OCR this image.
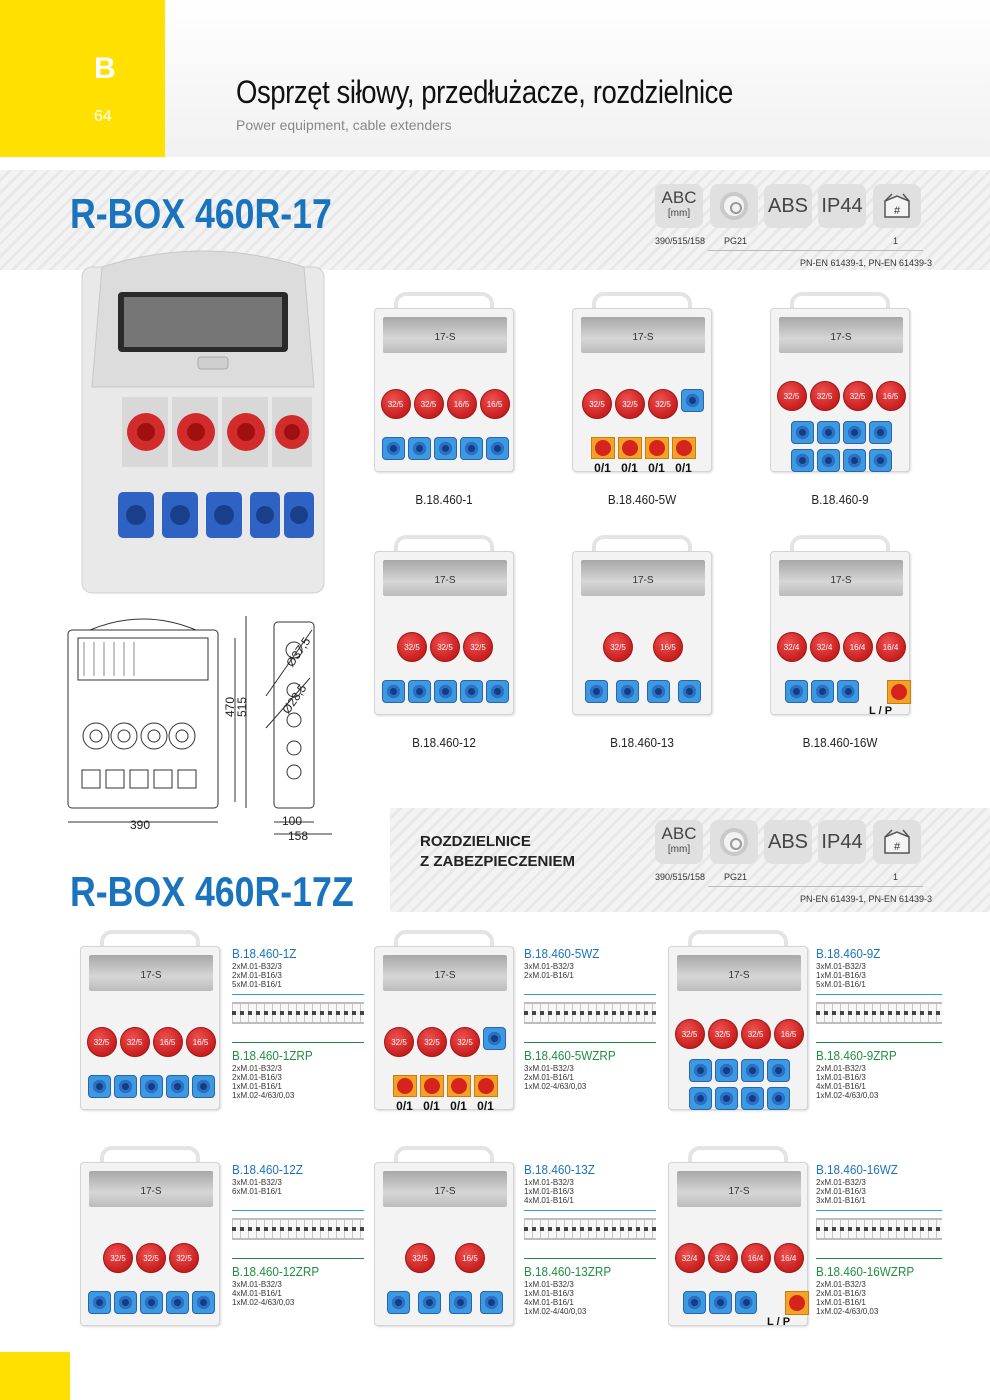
B
64
Osprzęt siłowy, przedłużacze, rozdzielnice
Power equipment, cable extenders
R-BOX 460R-17	ABC
[mm]	ABS IP44	#
390/515/158 PG21	1
PN-EN 61439-1, PN-EN 61439-3
17-S
32/5	32/5	16/5	16/5
B.18.460-1
17-S
32/5	32/5	32/5
0/1 0/1 0/1 0/1
B.18.460-5W
17-S
32/5	32/5	32/5	16/5
B.18.460-9
17-S
32/5	32/5	32/5
B.18.460-12
17-S
32/5	16/5
B.18.460-13
17-S
32/4	32/4	16/4	16/4
L / P
B.18.460-16W
390
470
515
100
158
Ø37,5
Ø28,5
ROZDZIELNICE
Z ZABEZPIECZENIEM
R-BOX 460R-17Z
ABC
[mm]	ABS IP44	#
390/515/158 PG21	1
PN-EN 61439-1, PN-EN 61439-3
17-S
32/5	32/5	16/5	16/5
B.18.460-1Z
2xM.01-B32/3
2xM.01-B16/3
5xM.01-B16/1
B.18.460-1ZRP
2xM.01-B32/3
2xM.01-B16/3
1xM.01-B16/1
1xM.02-4/63/0,03
17-S
32/5	32/5	32/5
0/1 0/1 0/1 0/1
B.18.460-5WZ
3xM.01-B32/3
2xM.01-B16/1
B.18.460-5WZRP
3xM.01-B32/3
2xM.01-B16/1
1xM.02-4/63/0,03
17-S
32/5	32/5	32/5	16/5
B.18.460-9Z
3xM.01-B32/3
1xM.01-B16/3
5xM.01-B16/1
B.18.460-9ZRP
2xM.01-B32/3
1xM.01-B16/3
4xM.01-B16/1
1xM.02-4/63/0,03
17-S
32/5	32/5	32/5
B.18.460-12Z
3xM.01-B32/3
6xM.01-B16/1
B.18.460-12ZRP
3xM.01-B32/3
4xM.01-B16/1
1xM.02-4/63/0,03
17-S
32/5	16/5
B.18.460-13Z
1xM.01-B32/3
1xM.01-B16/3
4xM.01-B16/1
B.18.460-13ZRP
1xM.01-B32/3
1xM.01-B16/3
4xM.01-B16/1
1xM.02-4/40/0,03
17-S
32/4	32/4	16/4	16/4
L / P
B.18.460-16WZ
2xM.01-B32/3
2xM.01-B16/3
3xM.01-B16/1
B.18.460-16WZRP
2xM.01-B32/3
2xM.01-B16/3
1xM.01-B16/1
1xM.02-4/63/0,03
